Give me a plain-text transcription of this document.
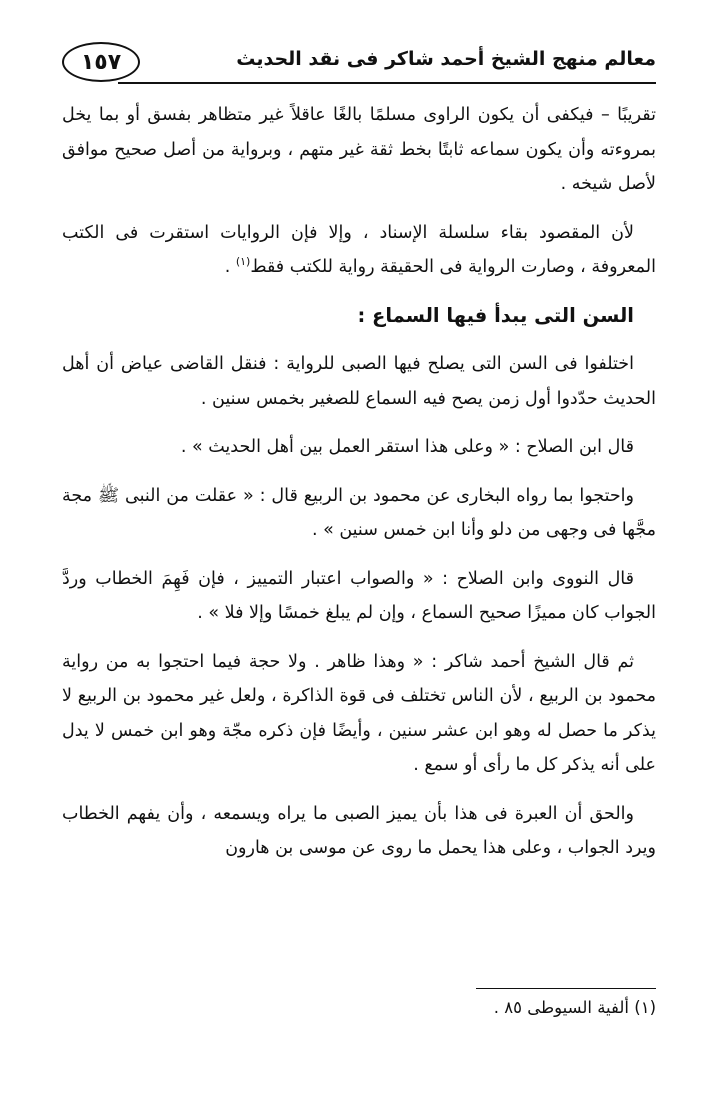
١٥٧	معالم منهج الشيخ أحمد شاكر فى نقد الحديث

تقريبًا – فيكفى أن يكون الراوى مسلمًا بالغًا عاقلاً غير متظاهر بفسق أو بما يخل بمروءته وأن يكون سماعه ثابتًا بخط ثقة غير متهم ، وبرواية من أصل صحيح موافق لأصل شيخه .

لأن المقصود بقاء سلسلة الإسناد ، وإلا فإن الروايات استقرت فى الكتب المعروفة ، وصارت الرواية فى الحقيقة رواية للكتب فقط$^{(١)}$ .

السن التى يبدأ فيها السماع :

اختلفوا فى السن التى يصلح فيها الصبى للرواية : فنقل القاضى عياض أن أهل الحديث حدّدوا أول زمن يصح فيه السماع للصغير بخمس سنين .

قال ابن الصلاح : « وعلى هذا استقر العمل بين أهل الحديث » .

واحتجوا بما رواه البخارى عن محمود بن الربيع قال : « عقلت من النبى ﷺ مجة مجَّها فى وجهى من دلو وأنا ابن خمس سنين » .

قال النووى وابن الصلاح : « والصواب اعتبار التمييز ، فإن فَهِمَ الخطاب وردَّ الجواب كان مميزًا صحيح السماع ، وإن لم يبلغ خمسًا وإلا فلا » .

ثم قال الشيخ أحمد شاكر : « وهذا ظاهر . ولا حجة فيما احتجوا به من رواية محمود بن الربيع ، لأن الناس تختلف فى قوة الذاكرة ، ولعل غير محمود بن الربيع لا يذكر ما حصل له وهو ابن عشر سنين ، وأيضًا فإن ذكره مجّة وهو ابن خمس لا يدل على أنه يذكر كل ما رأى أو سمع .

والحق أن العبرة فى هذا بأن يميز الصبى ما يراه ويسمعه ، وأن يفهم الخطاب ويرد الجواب ، وعلى هذا يحمل ما روى عن موسى بن هارون

(١) ألفية السيوطى ٨٥ .
